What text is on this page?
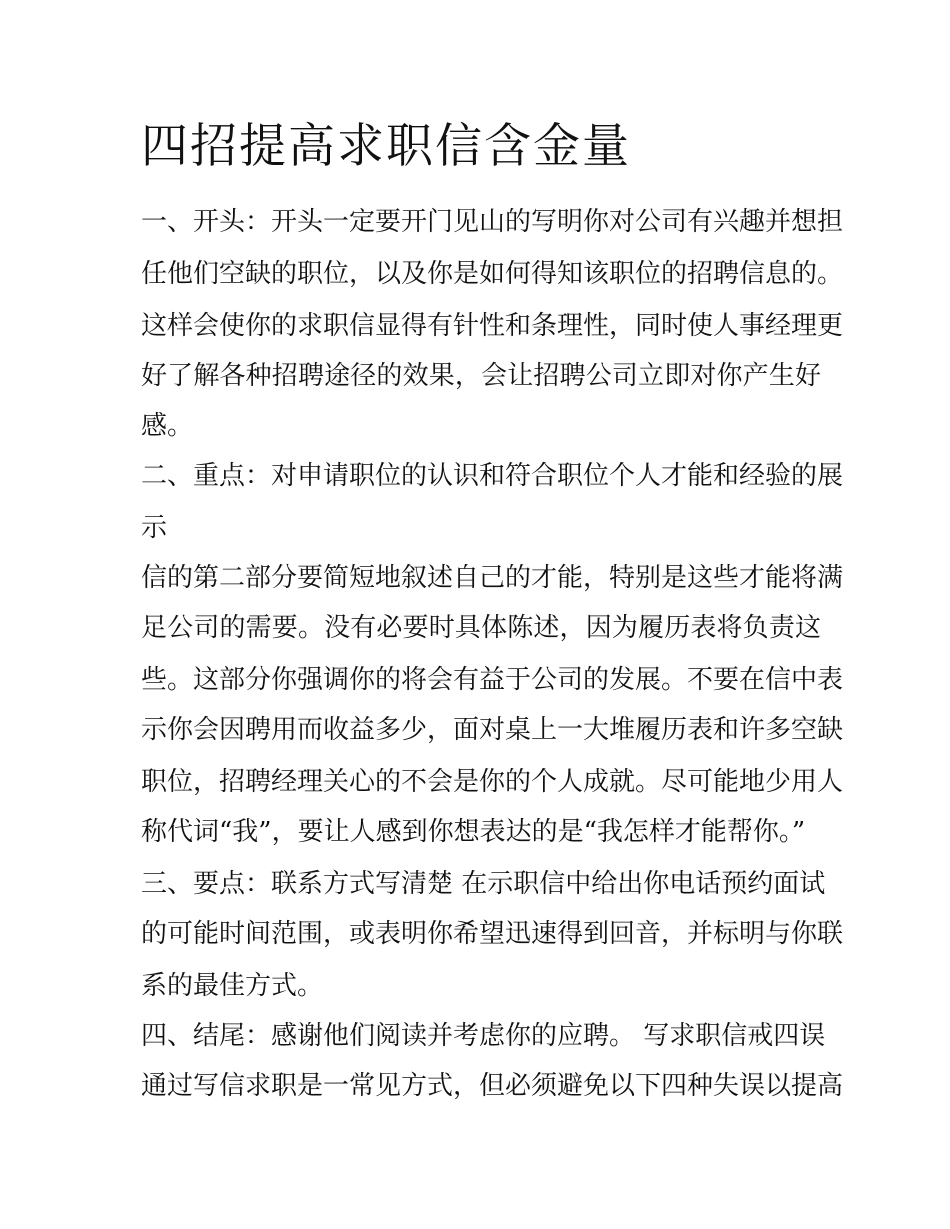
四招提高求职信含金量
一、开头：开头一定要开门见山的写明你对公司有兴趣并想担
任他们空缺的职位，以及你是如何得知该职位的招聘信息的。
这样会使你的求职信显得有针性和条理性，同时使人事经理更
好了解各种招聘途径的效果，会让招聘公司立即对你产生好
感。
二、重点：对申请职位的认识和符合职位个人才能和经验的展
示
信的第二部分要简短地叙述自己的才能，特别是这些才能将满
足公司的需要。没有必要时具体陈述，因为履历表将负责这
些。这部分你强调你的将会有益于公司的发展。不要在信中表
示你会因聘用而收益多少，面对桌上一大堆履历表和许多空缺
职位，招聘经理关心的不会是你的个人成就。尽可能地少用人
称代词“我”，要让人感到你想表达的是“我怎样才能帮你。”
三、要点：联系方式写清楚 在示职信中给出你电话预约面试
的可能时间范围，或表明你希望迅速得到回音，并标明与你联
系的最佳方式。
四、结尾：感谢他们阅读并考虑你的应聘。 写求职信戒四误
通过写信求职是一常见方式，但必须避免以下四种失误以提高
